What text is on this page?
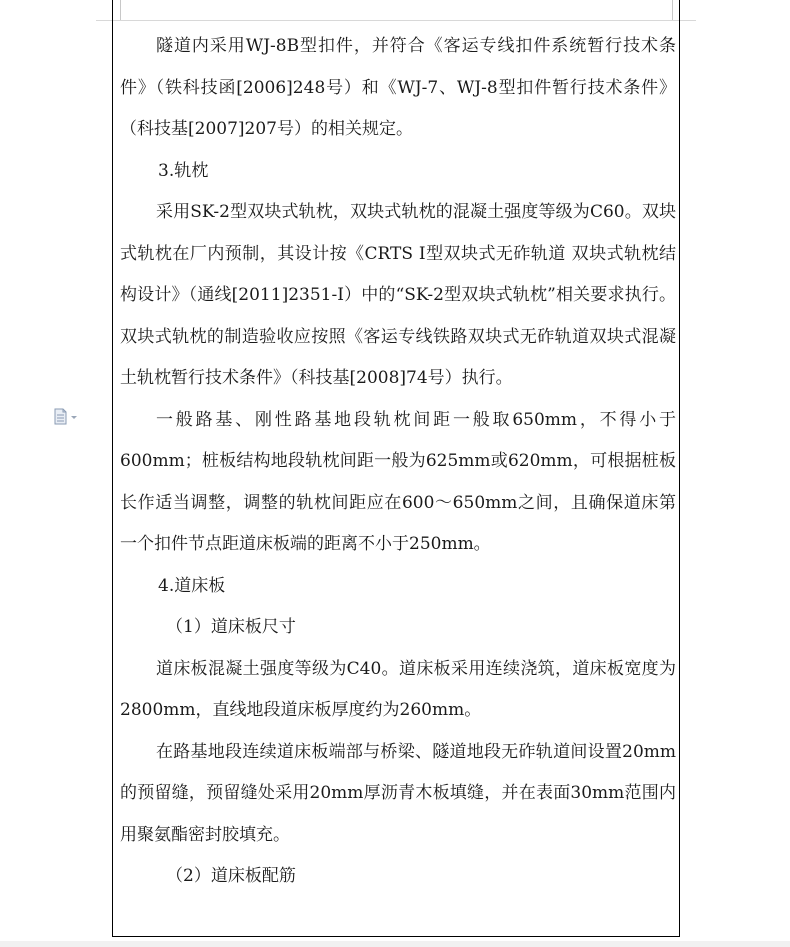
隧道内采用WJ-8B型扣件，并符合《客运专线扣件系统暂行技术条件》（铁科技函[2006]248号）和《WJ-7、WJ-8型扣件暂行技术条件》（科技基[2007]207号）的相关规定。

3.轨枕

采用SK-2型双块式轨枕，双块式轨枕的混凝土强度等级为C60。双块式轨枕在厂内预制，其设计按《CRTS I型双块式无砟轨道 双块式轨枕结构设计》（通线[2011]2351-I）中的“SK-2型双块式轨枕”相关要求执行。双块式轨枕的制造验收应按照《客运专线铁路双块式无砟轨道双块式混凝土轨枕暂行技术条件》（科技基[2008]74号）执行。

一般路基、刚性路基地段轨枕间距一般取650mm，不得小于600mm；桩板结构地段轨枕间距一般为625mm或620mm，可根据桩板长作适当调整，调整的轨枕间距应在600～650mm之间，且确保道床第一个扣件节点距道床板端的距离不小于250mm。

4.道床板

（1）道床板尺寸

道床板混凝土强度等级为C40。道床板采用连续浇筑，道床板宽度为2800mm，直线地段道床板厚度约为260mm。

在路基地段连续道床板端部与桥梁、隧道地段无砟轨道间设置20mm的预留缝，预留缝处采用20mm厚沥青木板填缝，并在表面30mm范围内用聚氨酯密封胶填充。

（2）道床板配筋
